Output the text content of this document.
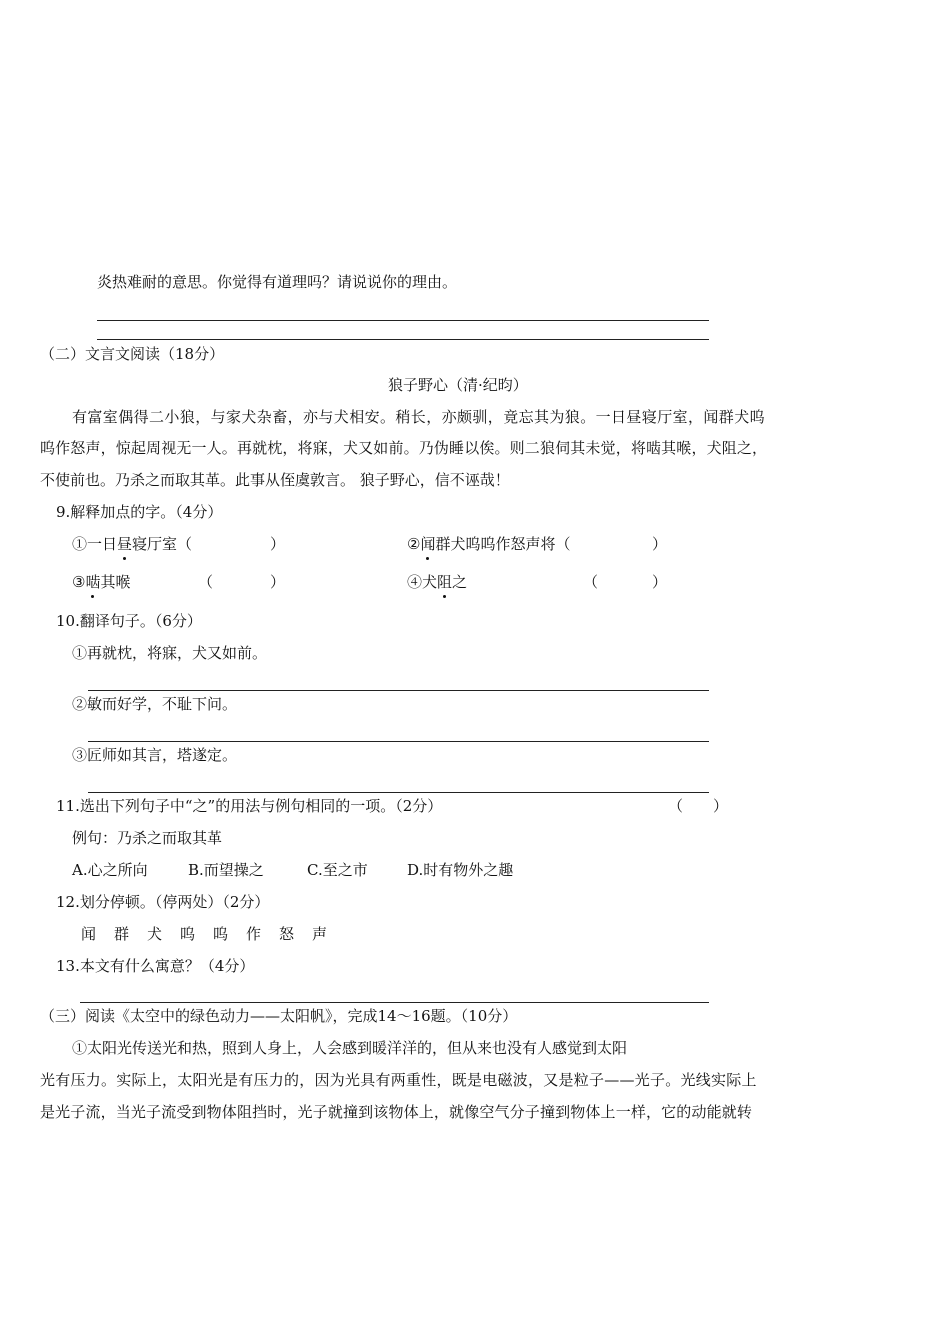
炎热难耐的意思。你觉得有道理吗？请说说你的理由。
（二）文言文阅读（18分）
狼子野心（清·纪昀）
有富室偶得二小狼，与家犬杂畜，亦与犬相安。稍长，亦颇驯，竟忘其为狼。一日昼寝厅室，闻群犬呜
呜作怒声，惊起周视无一人。再就枕，将寐，犬又如前。乃伪睡以俟。则二狼伺其未觉，将啮其喉，犬阻之，
不使前也。乃杀之而取其革。此事从侄虞敦言。 狼子野心，信不诬哉！
9.解释加点的字。（4分）
①一日昼寝厅室（	）	②闻群犬呜呜作怒声将（	）
③啮其喉	（	）	④犬阻之	（	）
10.翻译句子。（6分）
①再就枕，将寐，犬又如前。
②敏而好学，不耻下问。
③匠师如其言，塔遂定。
11.选出下列句子中“之”的用法与例句相同的一项。（2分）	（　　）
例句：乃杀之而取其革
A.心之所向	B.而望操之	C.至之市	D.时有物外之趣
12.划分停顿。（停两处）（2分）
闻 群 犬 呜 呜 作 怒 声
13.本文有什么寓意？（4分）
（三）阅读《太空中的绿色动力——太阳帆》，完成14～16题。（10分）
①太阳光传送光和热，照到人身上，人会感到暖洋洋的，但从来也没有人感觉到太阳
光有压力。实际上，太阳光是有压力的，因为光具有两重性，既是电磁波，又是粒子——光子。光线实际上
是光子流，当光子流受到物体阻挡时，光子就撞到该物体上，就像空气分子撞到物体上一样，它的动能就转
